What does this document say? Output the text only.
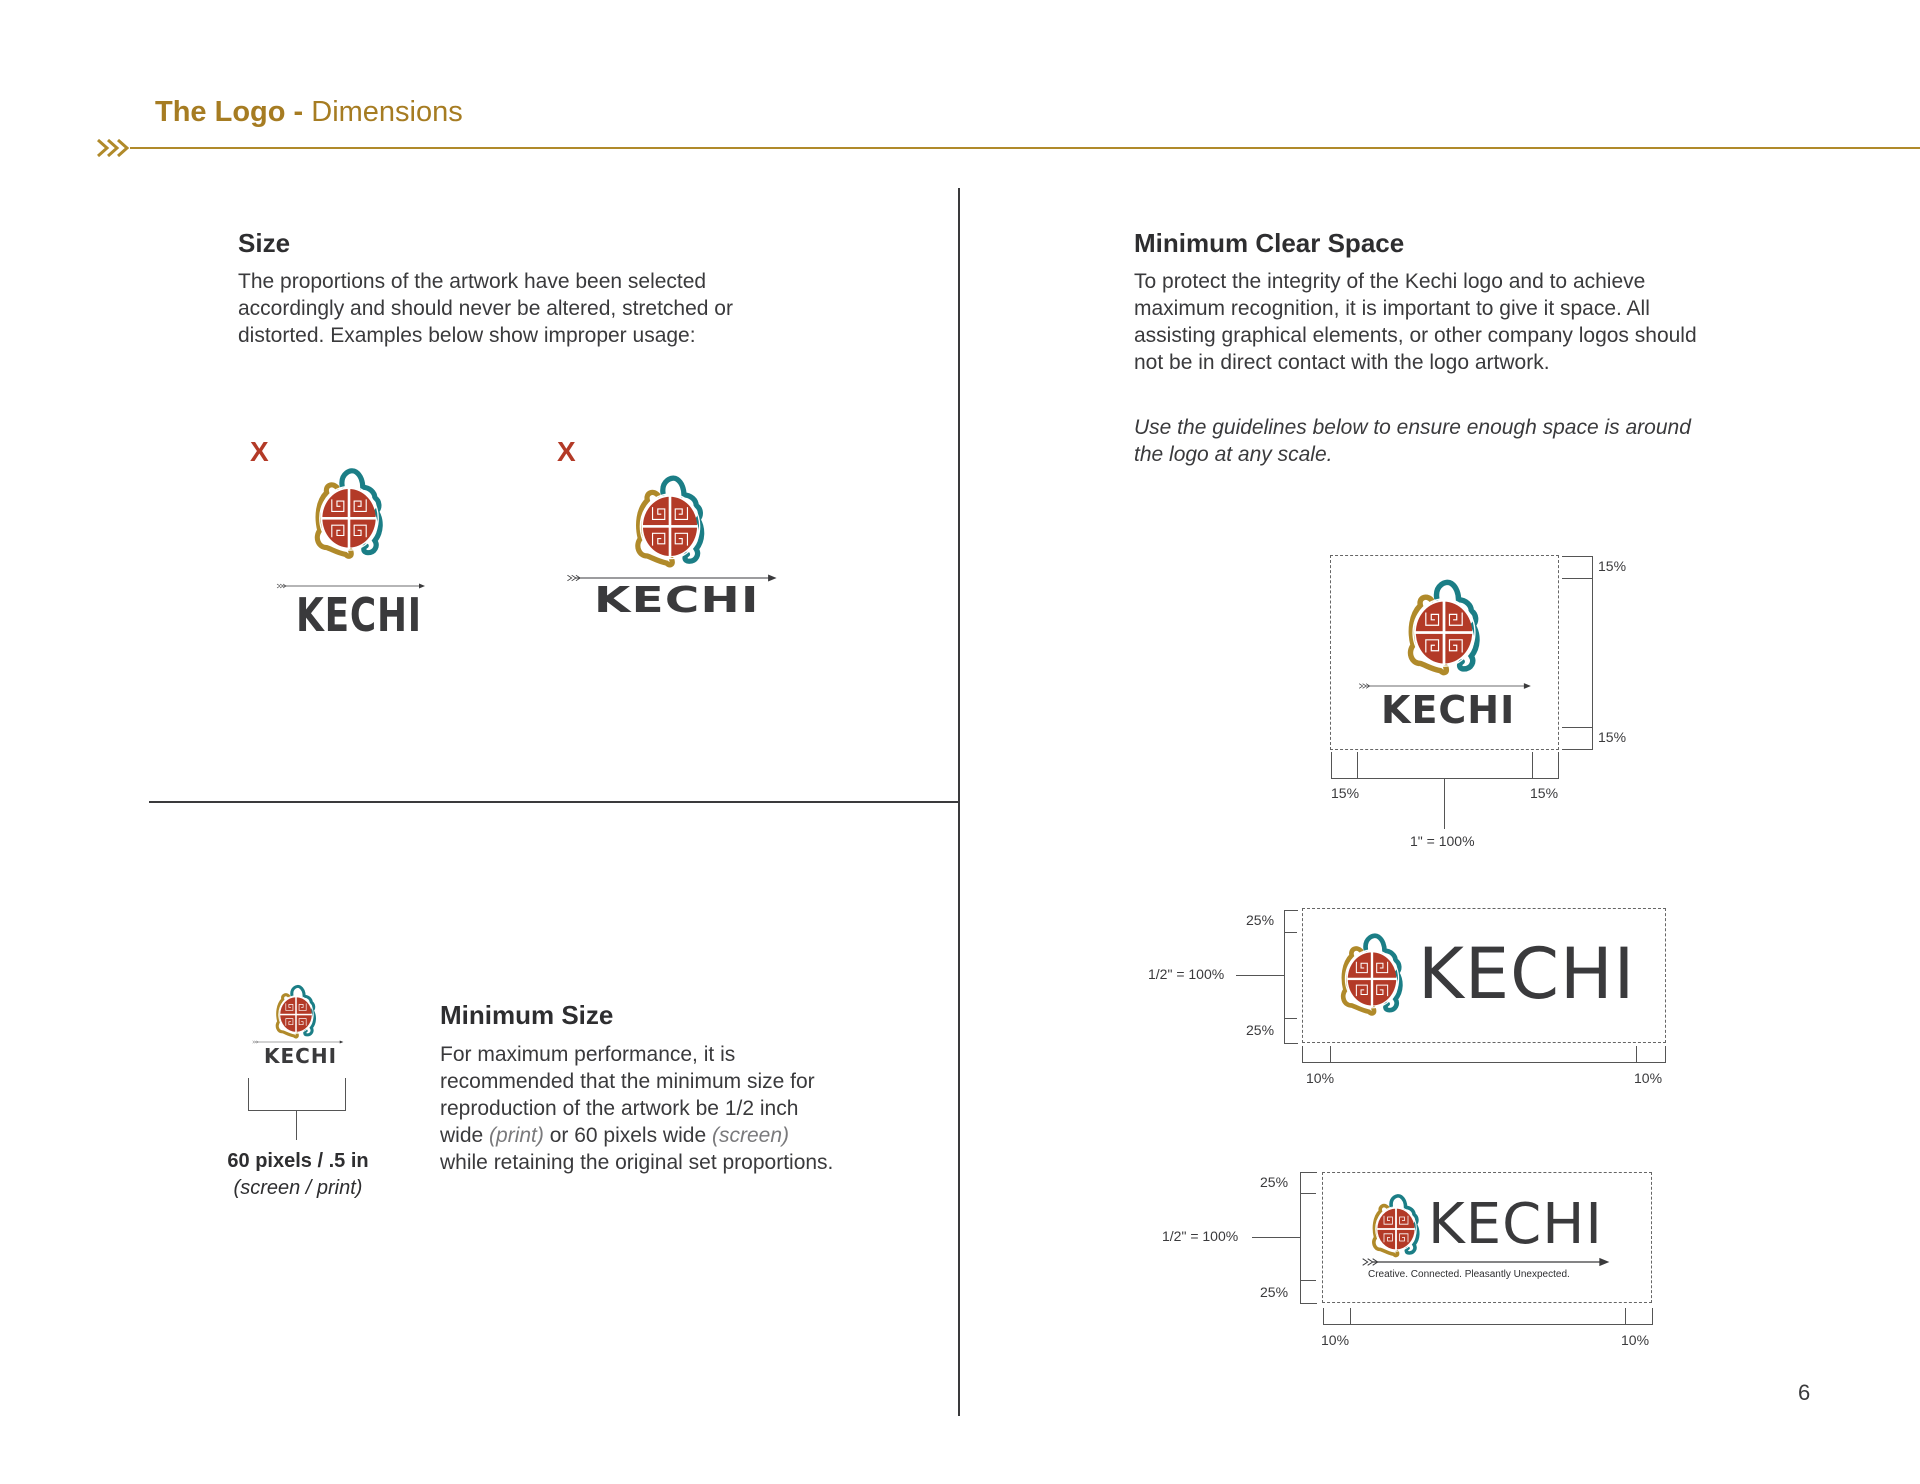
The Logo - Dimensions
Size

The proportions of the artwork have been selected accordingly and should never be altered, stretched or distorted. Examples below show improper usage:

X
KECHI
X
KECHI
KECHI
60 pixels / .5 in
(screen / print)
Minimum Size

For maximum performance, it is recommended that the minimum size for reproduction of the artwork be 1/2 inch wide (print) or 60 pixels wide (screen) while retaining the original set proportions.

Minimum Clear Space

To protect the integrity of the Kechi logo and to achieve maximum recognition, it is important to give it space. All assisting graphical elements, or other company logos should not be in direct contact with the logo artwork.

Use the guidelines below to ensure enough space is around the logo at any scale.

KECHI
15%
15%
15%	15%
1" = 100%
KECHI
25%
25%
1/2" = 100%
10%	10%
KECHI
Creative. Connected. Pleasantly Unexpected.
25%
25%
1/2" = 100%
10%	10%
6
